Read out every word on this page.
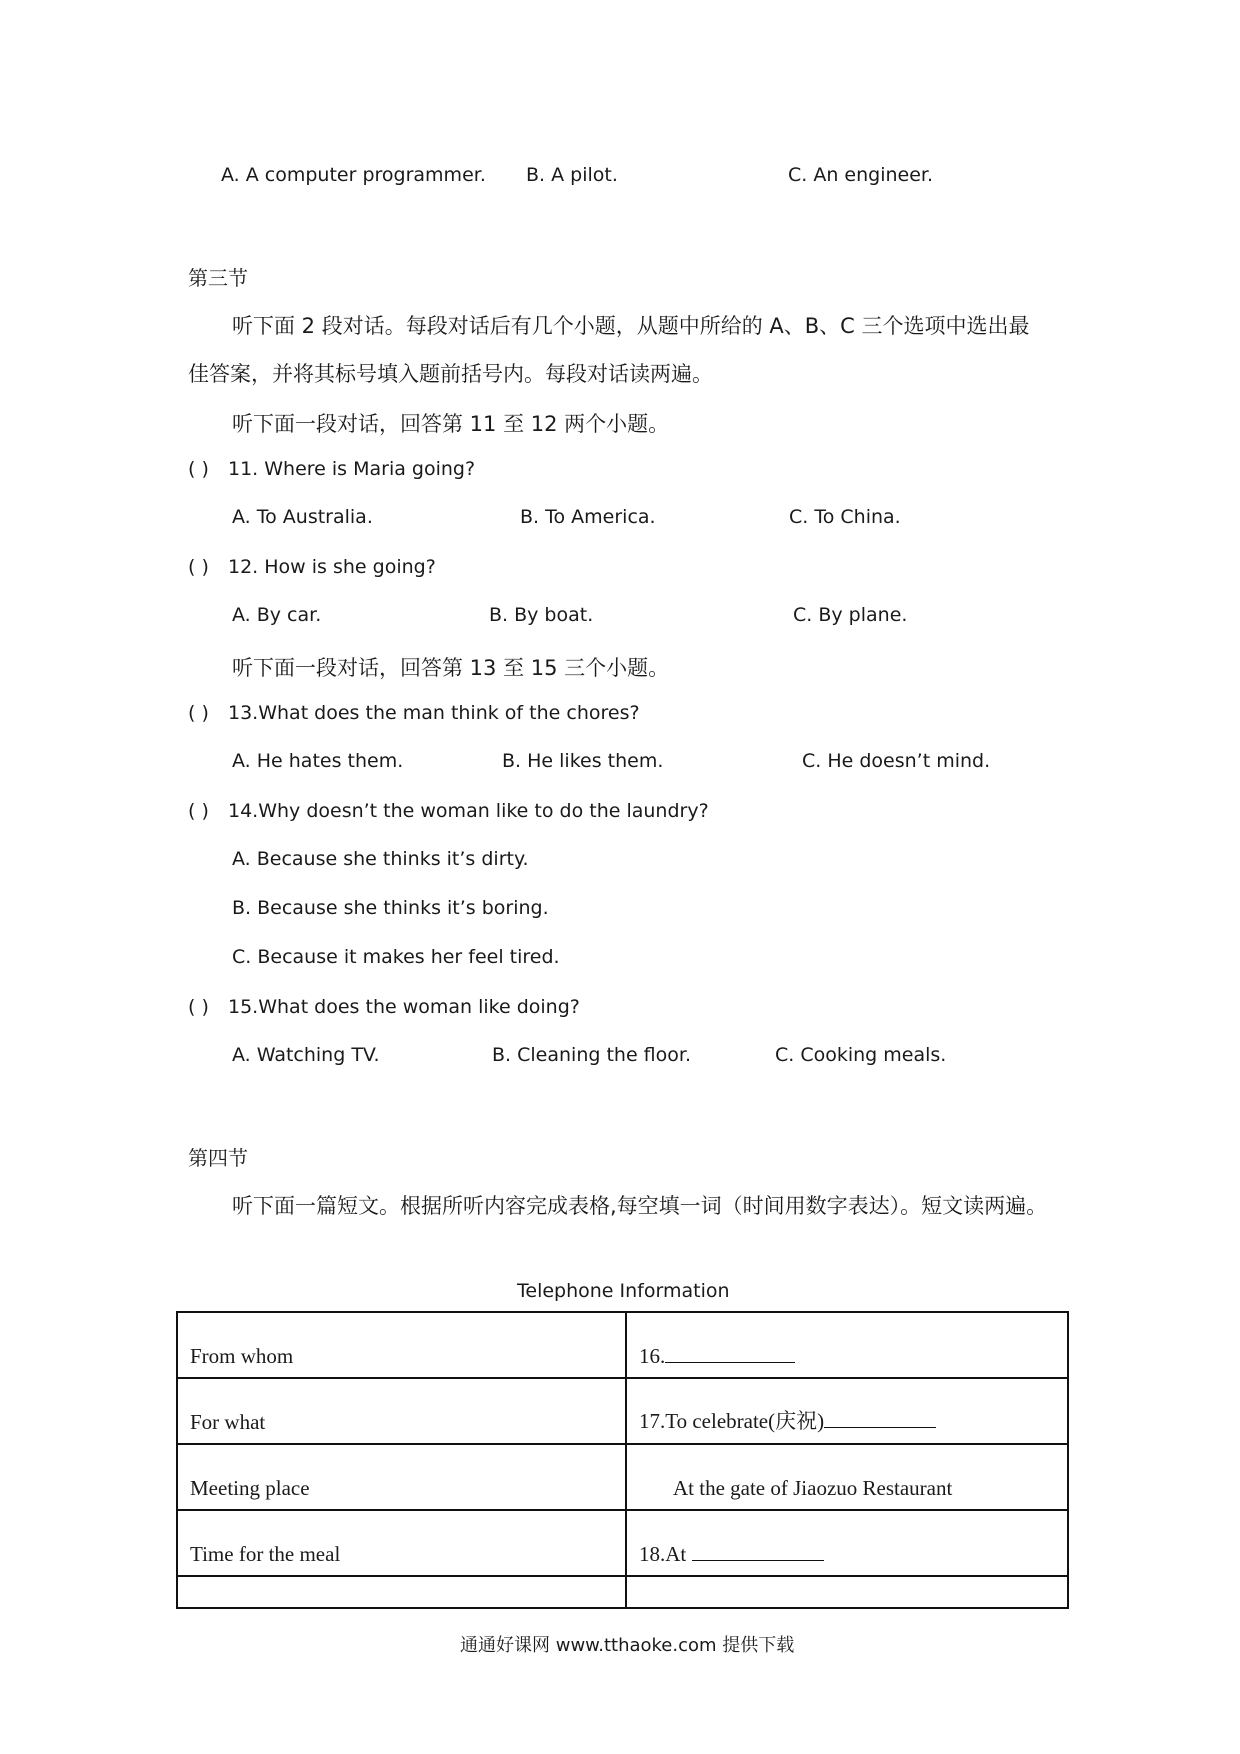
A. A computer programmer. B. A pilot.	C. An engineer.
第三节
听下面 2 段对话。每段对话后有几个小题，从题中所给的 A、B、C 三个选项中选出最
佳答案，并将其标号填入题前括号内。每段对话读两遍。
听下面一段对话，回答第 11 至 12 两个小题。
( ) 11. Where is Maria going?
A. To Australia.	B. To America.	C. To China.
( ) 12. How is she going?
A. By car.	B. By boat.	C. By plane.
听下面一段对话，回答第 13 至 15 三个小题。
( ) 13.What does the man think of the chores?
A. He hates them.	B. He likes them.	C. He doesn’t mind.
( ) 14.Why doesn’t the woman like to do the laundry?
A. Because she thinks it’s dirty.
B. Because she thinks it’s boring.
C. Because it makes her feel tired.
( ) 15.What does the woman like doing?
A. Watching TV.	B. Cleaning the floor.	C. Cooking meals.
第四节
听下面一篇短文。根据所听内容完成表格,每空填一词（时间用数字表达）。短文读两遍。
Telephone Information
From whom	16.
For what	17.To celebrate(庆祝)
Meeting place	At the gate of Jiaozuo Restaurant
Time for the meal	18.At

通通好课网 www.tthaoke.com 提供下载
